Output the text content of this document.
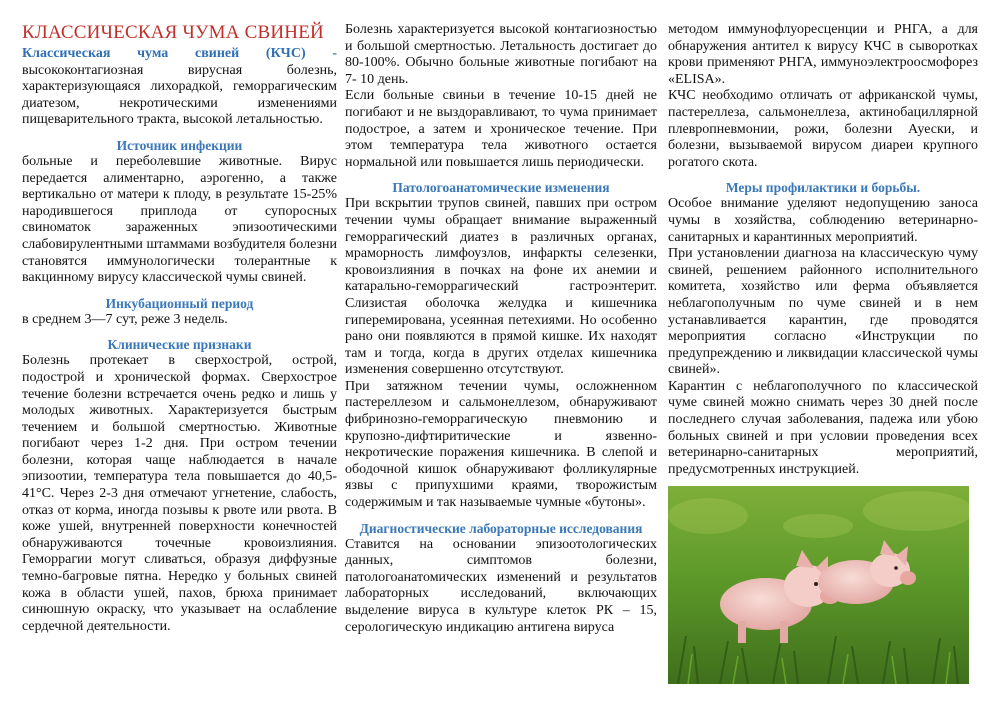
КЛАССИЧЕСКАЯ ЧУМА СВИНЕЙ

Классическая чума свиней (КЧС) - высококонтагиозная вирусная болезнь, характеризующаяся лихорадкой, геморрагическим диатезом, некротическими изменениями пищеварительного тракта, высокой летальностью.

Источник инфекции

больные и переболевшие животные. Вирус передается алиментарно, аэрогенно, а также вертикально от матери к плоду, в результате 15-25% народившегося приплода от супоросных свиноматок зараженных эпизоотическими слабовирулентными штаммами возбудителя болезни становятся иммунологически толерантные к вакцинному вирусу классической чумы свиней.

Инкубационный период

в среднем 3—7 сут, реже 3 недель.

Клинические признаки

Болезнь протекает в сверхострой, острой, подострой и хронической формах. Сверхострое течение болезни встречается очень редко и лишь у молодых животных. Характеризуется быстрым течением и большой смертностью. Животные погибают через 1-2 дня. При остром течении болезни, которая чаще наблюдается в начале эпизоотии, температура тела повышается до 40,5-41°С. Через 2-3 дня отмечают угнетение, слабость, отказ от корма, иногда позывы к рвоте или рвота. В коже ушей, внутренней поверхности конечностей обнаруживаются точечные кровоизлияния. Геморрагии могут сливаться, образуя диффузные темно-багровые пятна. Нередко у больных свиней кожа в области ушей, пахов, брюха принимает синюшную окраску, что указывает на ослабление сердечной деятельности.

Болезнь характеризуется высокой контагиозностью и большой смертностью. Летальность достигает до 80-100%. Обычно больные животные погибают на 7- 10 день.

Если больные свиньи в течение 10-15 дней не погибают и не выздоравливают, то чума принимает подострое, а затем и хроническое течение. При этом температура тела животного остается нормальной или повышается лишь периодически.

Патологоанатомические изменения

При вскрытии трупов свиней, павших при остром течении чумы обращает внимание выраженный геморрагический диатез в различных органах, мраморность лимфоузлов, инфаркты селезенки, кровоизлияния в почках на фоне их анемии и катарально-геморрагический гастроэнтерит. Слизистая оболочка желудка и кишечника гиперемирована, усеянная петехиями. Но особенно рано они появляются в прямой кишке. Их находят там и тогда, когда в других отделах кишечника изменения совершенно отсутствуют.

При затяжном течении чумы, осложненном пастереллезом и сальмонеллезом, обнаруживают фибринозно-геморрагическую пневмонию и крупозно-дифтиритические и язвенно-некротические поражения кишечника. В слепой и ободочной кишок обнаруживают фолликулярные язвы с припухшими краями, творожистым содержимым и так называемые чумные «бутоны».

Диагностические лабораторные исследования

Ставится на основании эпизоотологических данных, симптомов болезни, патологоанатомических изменений и результатов лабораторных исследований, включающих выделение вируса в культуре клеток РК – 15, серологическую индикацию антигена вируса

методом иммунофлуоресценции и РНГА, а для обнаружения антител к вирусу КЧС в сыворотках крови применяют РНГА, иммуноэлектроосмофорез «ELISA».

КЧС необходимо отличать от африканской чумы, пастереллеза, сальмонеллеза, актинобациллярной плевропневмонии, рожи, болезни Ауески, и болезни, вызываемой вирусом диареи крупного рогатого скота.

Меры профилактики и борьбы.

Особое внимание уделяют недопущению заноса чумы в хозяйства, соблюдению ветеринарно-санитарных и карантинных мероприятий.

При установлении диагноза на классическую чуму свиней, решением районного исполнительного комитета, хозяйство или ферма объявляется неблагополучным по чуме свиней и в нем устанавливается карантин, где проводятся мероприятия согласно «Инструкции по предупреждению и ликвидации классической чумы свиней».

Карантин с неблагополучного по классической чуме свиней можно снимать через 30 дней после последнего случая заболевания, падежа или убою больных свиней и при условии проведения всех ветеринарно-санитарных мероприятий, предусмотренных инструкцией.
